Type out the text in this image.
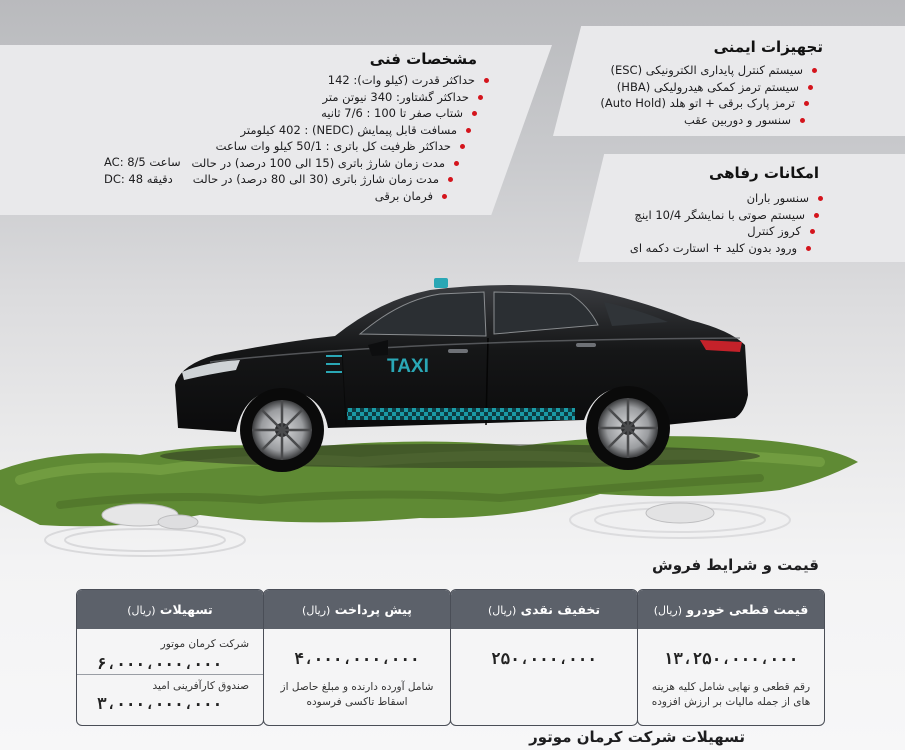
مشخصات فنی
حداکثر قدرت (کیلو وات): 142
حداکثر گشتاور: 340 نیوتن متر
شتاب صفر تا 100 : 7/6 ثانیه
مسافت قابل پیمایش (NEDC) : 402 کیلومتر
حداکثر ظرفیت کل باتری : 50/1 کیلو وات ساعت
مدت زمان شارژ باتری (15 الی 100 درصد) در حالت
مدت زمان شارژ باتری (30 الی 80 درصد) در حالت
فرمان برقی
AC: 8/5 ساعت
DC: 48 دقیقه
تجهیزات ایمنی
سیستم کنترل پایداری الکترونیکی (ESC)
سیستم ترمز کمکی هیدرولیکی (HBA)
ترمز پارک برقی + اتو هلد (Auto Hold)
سنسور و دوربین عقب
امکانات رفاهی
سنسور باران
سیستم صوتی با نمایشگر 10/4 اینچ
کروز کنترل
ورود بدون کلید + استارت دکمه ای
TAXI
قیمت و شرایط فروش
قیمت قطعی خودرو (ریال)
۱۳،۲۵۰،۰۰۰،۰۰۰
رقم قطعی و نهایی شامل کلیه هزینه های از جمله مالیات بر ارزش افزوده
تخفیف نقدی (ریال)
۲۵۰،۰۰۰،۰۰۰
پیش پرداخت (ریال)
۴،۰۰۰،۰۰۰،۰۰۰
شامل آورده دارنده و مبلغ حاصل از اسقاط تاکسی فرسوده
تسهیلات (ریال)
شرکت کرمان موتور
۶،۰۰۰،۰۰۰،۰۰۰
صندوق کارآفرینی امید
۳،۰۰۰،۰۰۰،۰۰۰
تسهیلات شرکت کرمان موتور
